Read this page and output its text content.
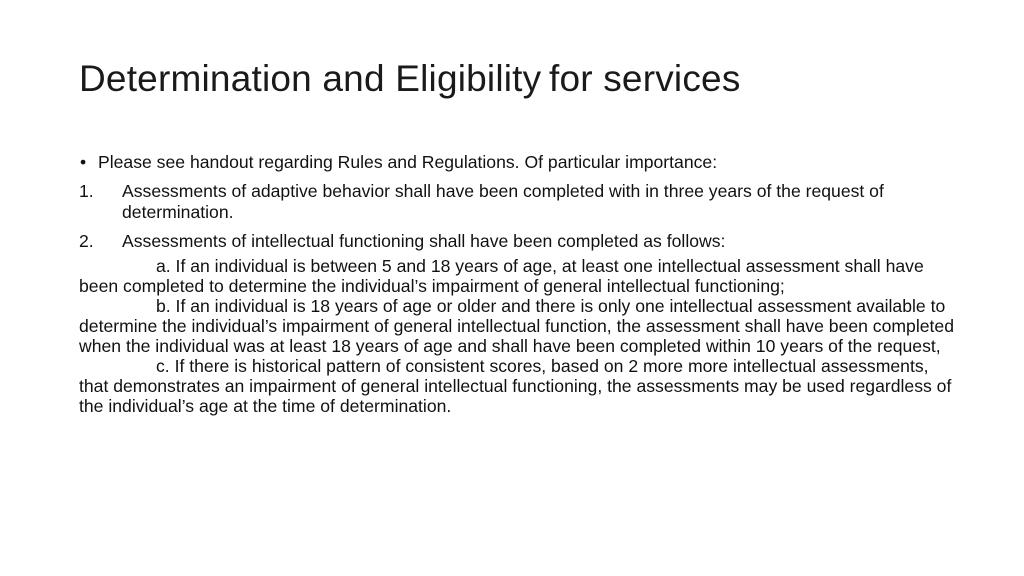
Determination and Eligibility for services
• Please see handout regarding Rules and Regulations. Of particular importance:
1. Assessments of adaptive behavior shall have been completed with in three years of the request of determination.
2. Assessments of intellectual functioning shall have been completed as follows:

a. If an individual is between 5 and 18 years of age, at least one intellectual assessment shall have been completed to determine the individual’s impairment of general intellectual functioning;

b. If an individual is 18 years of age or older and there is only one intellectual assessment available to determine the individual’s impairment of general intellectual function, the assessment shall have been completed when the individual was at least 18 years of age and shall have been completed within 10 years of the request,

c. If there is historical pattern of consistent scores, based on 2 more more intellectual assessments, that demonstrates an impairment of general intellectual functioning, the assessments may be used regardless of the individual’s age at the time of determination.
